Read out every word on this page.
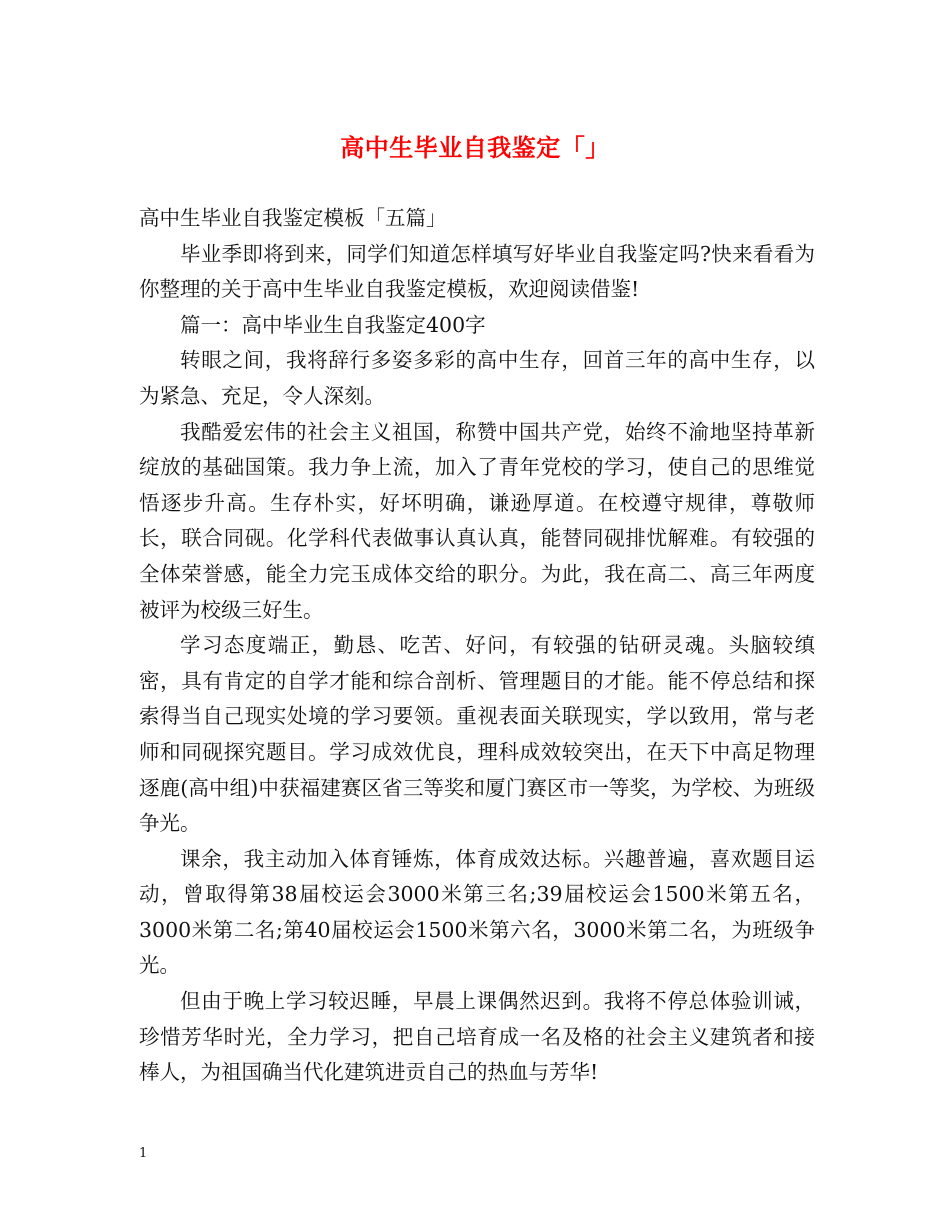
高中生毕业自我鉴定「」

高中生毕业自我鉴定模板「五篇」

毕业季即将到来，同学们知道怎样填写好毕业自我鉴定吗?快来看看为你整理的关于高中生毕业自我鉴定模板，欢迎阅读借鉴!

篇一：高中毕业生自我鉴定400字

转眼之间，我将辞行多姿多彩的高中生存，回首三年的高中生存，以为紧急、充足，令人深刻。

我酷爱宏伟的社会主义祖国，称赞中国共产党，始终不渝地坚持革新绽放的基础国策。我力争上流，加入了青年党校的学习，使自己的思维觉悟逐步升高。生存朴实，好坏明确，谦逊厚道。在校遵守规律，尊敬师长，联合同砚。化学科代表做事认真认真，能替同砚排忧解难。有较强的全体荣誉感，能全力完玉成体交给的职分。为此，我在高二、高三年两度被评为校级三好生。

学习态度端正，勤恳、吃苦、好问，有较强的钻研灵魂。头脑较缜密，具有肯定的自学才能和综合剖析、管理题目的才能。能不停总结和探索得当自己现实处境的学习要领。重视表面关联现实，学以致用，常与老师和同砚探究题目。学习成效优良，理科成效较突出，在天下中高足物理逐鹿(高中组)中获福建赛区省三等奖和厦门赛区市一等奖，为学校、为班级争光。

课余，我主动加入体育锤炼，体育成效达标。兴趣普遍，喜欢题目运动，曾取得第38届校运会3000米第三名;39届校运会1500米第五名，3000米第二名;第40届校运会1500米第六名，3000米第二名，为班级争光。

但由于晚上学习较迟睡，早晨上课偶然迟到。我将不停总体验训诫，珍惜芳华时光，全力学习，把自己培育成一名及格的社会主义建筑者和接棒人，为祖国确当代化建筑进贡自己的热血与芳华!

1
